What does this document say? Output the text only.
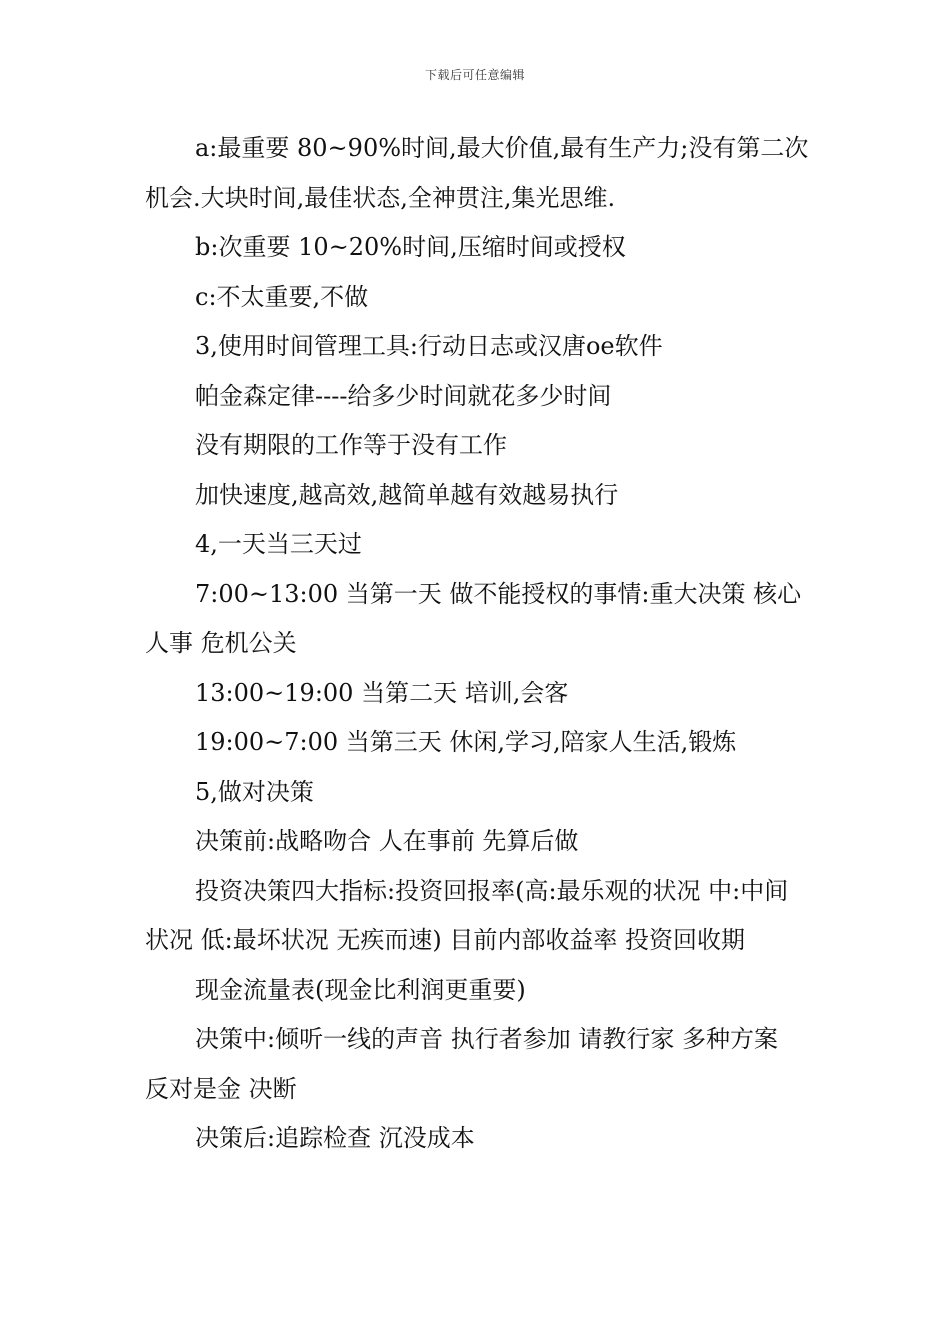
下载后可任意编辑

a:最重要 80~90%时间,最大价值,最有生产力;没有第二次机会.大块时间,最佳状态,全神贯注,集光思维.

b:次重要 10~20%时间,压缩时间或授权

c:不太重要,不做

3,使用时间管理工具:行动日志或汉唐oe软件

帕金森定律----给多少时间就花多少时间

没有期限的工作等于没有工作

加快速度,越高效,越简单越有效越易执行

4,一天当三天过

7:00~13:00 当第一天 做不能授权的事情:重大决策 核心人事 危机公关

13:00~19:00 当第二天 培训,会客

19:00~7:00 当第三天 休闲,学习,陪家人生活,锻炼

5,做对决策

决策前:战略吻合 人在事前 先算后做

投资决策四大指标:投资回报率(高:最乐观的状况 中:中间状况 低:最坏状况 无疾而速) 目前内部收益率 投资回收期

现金流量表(现金比利润更重要)

决策中:倾听一线的声音 执行者参加 请教行家 多种方案 反对是金 决断

决策后:追踪检查 沉没成本
